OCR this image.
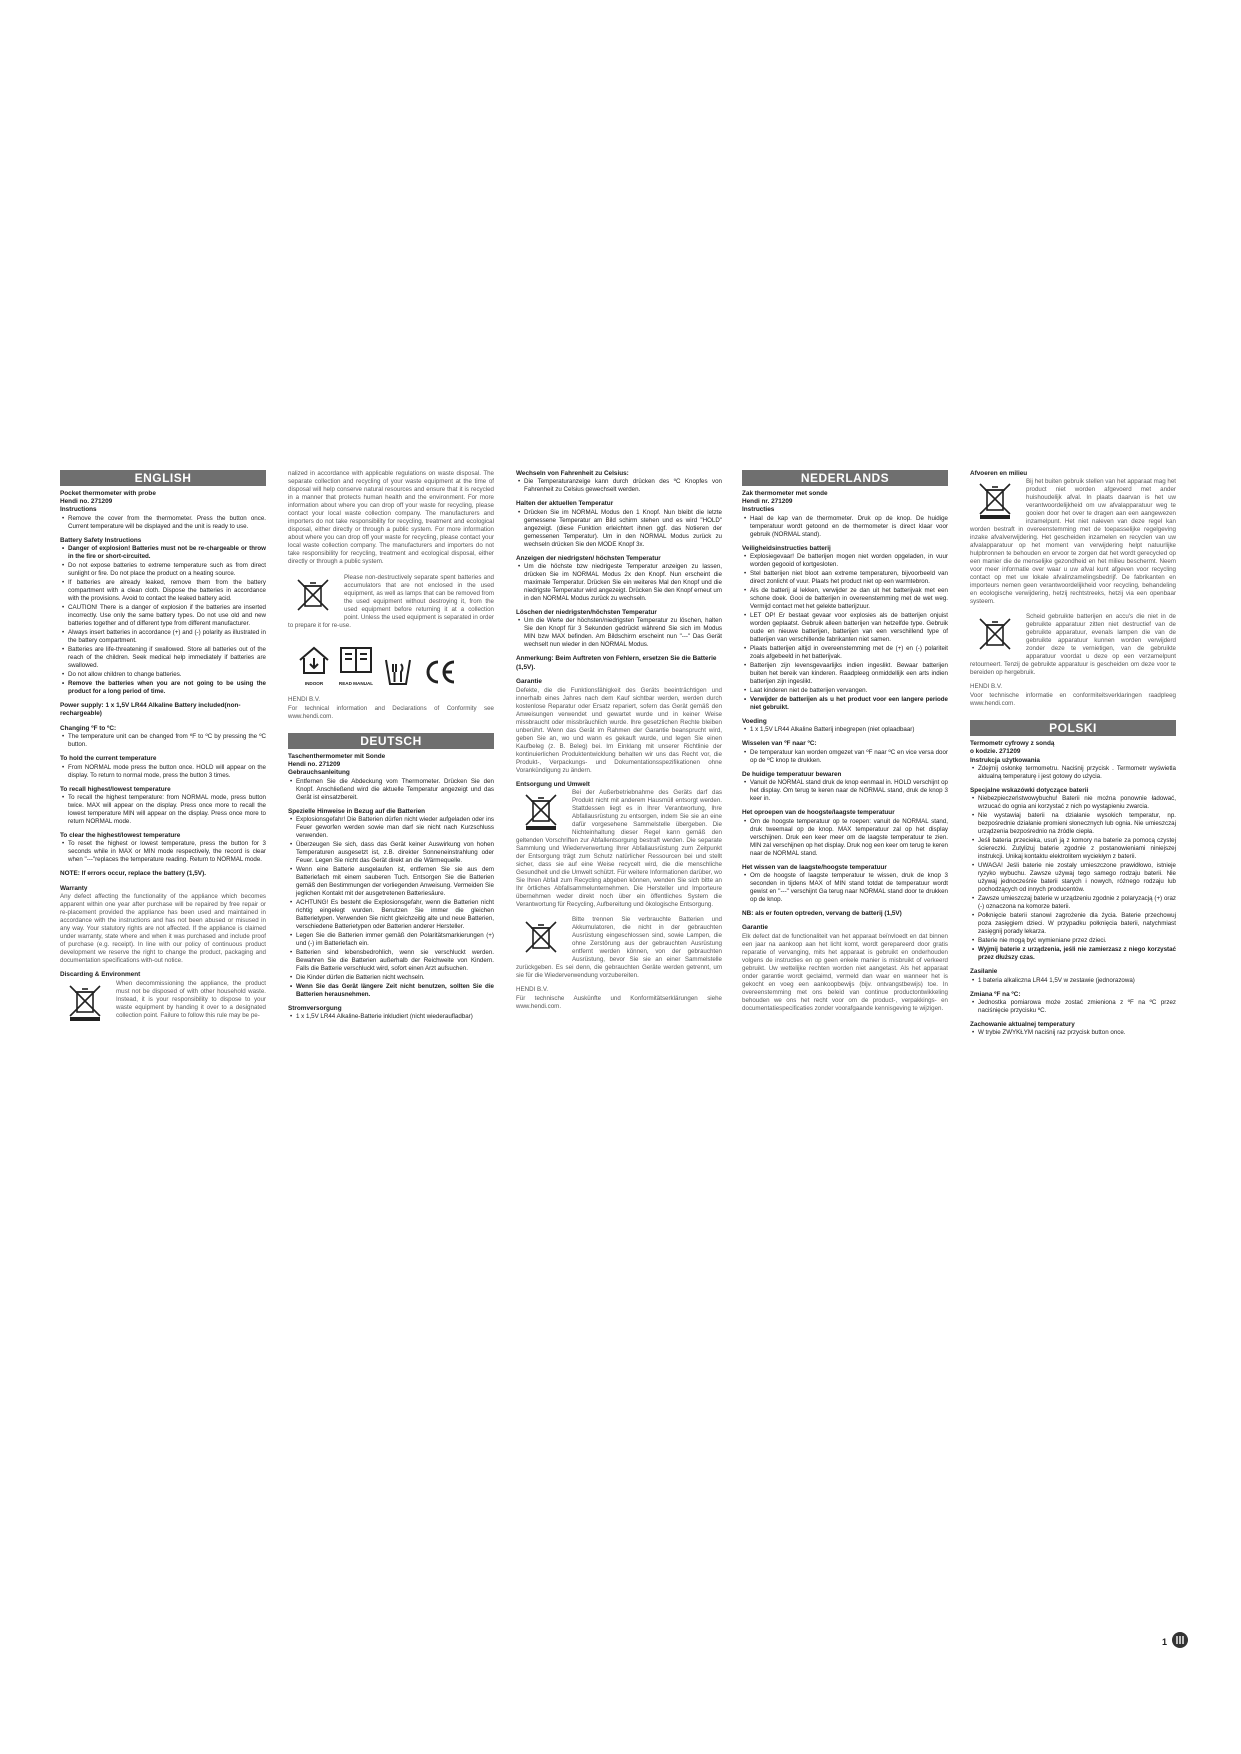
ENGLISH
Pocket thermometer with probe
Hendi no. 271209
Instructions
• Remove the cover from the thermometer. Press the button once. Current temperature will be displayed and the unit is ready to use.
Battery Safety Instructions
• Danger of explosion! Batteries must not be re-chargeable or throw in the fire or short-circuited.
• Do not expose batteries to extreme temperature such as from direct sunlight or fire. Do not place the product on a heating source.
• If batteries are already leaked, remove them from the battery compartment with a clean cloth. Dispose the batteries in accordance with the provisions. Avoid to contact the leaked battery acid.
• CAUTION! There is a danger of explosion if the batteries are inserted incorrectly. Use only the same battery types. Do not use old and new batteries together and of different type from different manufacturer.
• Always insert batteries in accordance (+) and (-) polarity as illustrated in the battery compartment.
• Batteries are life-threatening if swallowed. Store all batteries out of the reach of the children. Seek medical help immediately if batteries are swallowed.
• Do not allow children to change batteries.
• Remove the batteries when you are not going to be using the product for a long period of time.
Power supply: 1 x 1,5V LR44 Alkaline Battery included(non-rechargeable)
Changing ºF to ºC:
• The temperature unit can be changed from ºF to ºC by pressing the ºC button.
To hold the current temperature
• From NORMAL mode press the button once. HOLD will appear on the display. To return to normal mode, press the button 3 times.
To recall highest/lowest temperature
• To recall the highest temperature: from NORMAL mode, press button twice. MAX will appear on the display. Press once more to recall the lowest temperature MIN will appear on the display. Press once more to return NORMAL mode.
To clear the highest/lowest temperature
• To reset the highest or lowest temperature, press the button for 3 seconds while in MAX or MIN mode respectively, the record is clear when "---"replaces the temperature reading. Return to NORMAL mode.
NOTE: If errors occur, replace the battery (1,5V).
Warranty

Any defect affecting the functionality of the appliance which becomes apparent within one year after purchase will be repaired by free repair or re-placement provided the appliance has been used and maintained in accordance with the instructions and has not been abused or misused in any way. Your statutory rights are not affected. If the appliance is claimed under warranty, state where and when it was purchased and include proof of purchase (e.g. receipt). In line with our policy of continuous product development we reserve the right to change the product, packaging and documentation specifications with-out notice.

Discarding & Environment

When decommissioning the appliance, the product must not be disposed of with other household waste. Instead, it is your responsibility to dispose to your waste equipment by handing it over to a designated collection point. Failure to follow this rule may be pe-

nalized in accordance with applicable regulations on waste disposal. The separate collection and recycling of your waste equipment at the time of disposal will help conserve natural resources and ensure that it is recycled in a manner that protects human health and the environment. For more information about where you can drop off your waste for recycling, please contact your local waste collection company. The manufacturers and importers do not take responsibility for recycling, treatment and ecological disposal, either directly or through a public system. For more information about where you can drop off your waste for recycling, please contact your local waste collection company. The manufacturers and importers do not take responsibility for recycling, treatment and ecological disposal, either directly or through a public system.

Please non-destructively separate spent batteries and accumulators that are not enclosed in the used equipment, as well as lamps that can be removed from the used equipment without destroying it, from the used equipment before returning it at a collection point. Unless the used equipment is separated in order to prepare it for re-use.

INDOOR	READ MANUAL

HENDI B.V.

For technical information and Declarations of Conformity see www.hendi.com.

DEUTSCH
Taschenthermometer mit Sonde
Hendi no. 271209
Gebrauchsanleitung
• Entfernen Sie die Abdeckung vom Thermometer. Drücken Sie den Knopf. Anschließend wird die aktuelle Temperatur angezeigt und das Gerät ist einsatzbereit.
Spezielle Hinweise in Bezug auf die Batterien
• Explosionsgefahr! Die Batterien dürfen nicht wieder aufgeladen oder ins Feuer geworfen werden sowie man darf sie nicht nach Kurzschluss verwenden.
• Überzeugen Sie sich, dass das Gerät keiner Auswirkung von hohen Temperaturen ausgesetzt ist, z.B. direkter Sonneneinstrahlung oder Feuer. Legen Sie nicht das Gerät direkt an die Wärmequelle.
• Wenn eine Batterie ausgelaufen ist, entfernen Sie sie aus dem Batteriefach mit einem sauberen Tuch. Entsorgen Sie die Batterien gemäß den Bestimmungen der vorliegenden Anweisung. Vermeiden Sie jeglichen Kontakt mit der ausgetretenen Batteriesäure.
• ACHTUNG! Es besteht die Explosionsgefahr, wenn die Batterien nicht richtig eingelegt wurden. Benutzen Sie immer die gleichen Batterietypen. Verwenden Sie nicht gleichzeitig alte und neue Batterien, verschiedene Batterietypen oder Batterien anderer Hersteller.
• Legen Sie die Batterien immer gemäß den Polaritätsmarkierungen (+) und (-) im Batteriefach ein.
• Batterien sind lebensbedrohlich, wenn sie verschluckt werden. Bewahren Sie die Batterien außerhalb der Reichweite von Kindern. Falls die Batterie verschluckt wird, sofort einen Arzt aufsuchen.
• Die Kinder dürfen die Batterien nicht wechseln.
• Wenn Sie das Gerät längere Zeit nicht benutzen, sollten Sie die Batterien herausnehmen.
Stromversorgung
• 1 x 1,5V LR44 Alkaline-Batterie inkludiert (nicht wiederaufladbar)
Wechseln von Fahrenheit zu Celsius:
• Die Temperaturanzeige kann durch drücken des ºC Knopfes von Fahrenheit zu Celsius gewechselt werden.
Halten der aktuellen Temperatur
• Drücken Sie im NORMAL Modus den 1 Knopf. Nun bleibt die letzte gemessene Temperatur am Bild schirm stehen und es wird "HOLD" angezeigt. (diese Funktion erleichtert ihnen ggf. das Notieren der gemessenen Temperatur). Um in den NORMAL Modus zurück zu wechseln drücken Sie den MODE Knopf 3x.
Anzeigen der niedrigsten/ höchsten Temperatur
• Um die höchste bzw niedrigeste Temperatur anzeigen zu lassen, drücken Sie im NORMAL Modus 2x den Knopf. Nun erscheint die maximale Temperatur. Drücken Sie ein weiteres Mal den Knopf und die niedrigste Temperatur wird angezeigt. Drücken Sie den Knopf erneut um in den NORMAL Modus zurück zu wechseln.
Löschen der niedrigsten/höchsten Temperatur
• Um die Werte der höchsten/niedrigsten Temperatur zu löschen, halten Sie den Knopf für 3 Sekunden gedrückt während Sie sich im Modus MIN bzw MAX befinden. Am Bildschirm erscheint nun "---" Das Gerät wechselt nun wieder in den NORMAL Modus.
Anmerkung: Beim Auftreten von Fehlern, ersetzen Sie die Batterie (1,5V).
Garantie

Defekte, die die Funktionsfähigkeit des Geräts beeinträchtigen und innerhalb eines Jahres nach dem Kauf sichtbar werden, werden durch kostenlose Reparatur oder Ersatz repariert, sofern das Gerät gemäß den Anweisungen verwendet und gewartet wurde und in keiner Weise missbraucht oder missbräuchlich wurde. Ihre gesetzlichen Rechte bleiben unberührt. Wenn das Gerät im Rahmen der Garantie beansprucht wird, geben Sie an, wo und wann es gekauft wurde, und legen Sie einen Kaufbeleg (z. B. Beleg) bei. Im Einklang mit unserer Richtlinie der kontinuierlichen Produktentwicklung behalten wir uns das Recht vor, die Produkt-, Verpackungs- und Dokumentationsspezifikationen ohne Vorankündigung zu ändern.

Entsorgung und Umwelt

Bei der Außerbetriebnahme des Geräts darf das Produkt nicht mit anderem Hausmüll entsorgt werden. Stattdessen liegt es in Ihrer Verantwortung, Ihre Abfallausrüstung zu entsorgen, indem Sie sie an eine dafür vorgesehene Sammelstelle übergeben. Die Nichteinhaltung dieser Regel kann gemäß den geltenden Vorschriften zur Abfallentsorgung bestraft werden. Die separate Sammlung und Wiederverwertung Ihrer Abfallausrüstung zum Zeitpunkt der Entsorgung trägt zum Schutz natürlicher Ressourcen bei und stellt sicher, dass sie auf eine Weise recycelt wird, die die menschliche Gesundheit und die Umwelt schützt. Für weitere Informationen darüber, wo Sie Ihren Abfall zum Recycling abgeben können, wenden Sie sich bitte an Ihr örtliches Abfallsammelunternehmen. Die Hersteller und Importeure übernehmen weder direkt noch über ein öffentliches System die Verantwortung für Recycling, Aufbereitung und ökologische Entsorgung.

Bitte trennen Sie verbrauchte Batterien und Akkumulatoren, die nicht in der gebrauchten Ausrüstung eingeschlossen sind, sowie Lampen, die ohne Zerstörung aus der gebrauchten Ausrüstung entfernt werden können, von der gebrauchten Ausrüstung, bevor Sie sie an einer Sammelstelle zurückgeben. Es sei denn, die gebrauchten Geräte werden getrennt, um sie für die Wiederverwendung vorzubereiten.

HENDI B.V.

Für technische Auskünfte und Konformitätserklärungen siehe www.hendi.com.

NEDERLANDS
Zak thermometer met sonde
Hendi nr. 271209
Instructies
• Haal de kap van de thermometer. Druk op de knop. De huidige temperatuur wordt getoond en de thermometer is direct klaar voor gebruik (NORMAL stand).
Veiligheidsinstructies batterij
• Explosiegevaar! De batterijen mogen niet worden opgeladen, in vuur worden gegooid of kortgesloten.
• Stel batterijen niet bloot aan extreme temperaturen, bijvoorbeeld van direct zonlicht of vuur. Plaats het product niet op een warmtebron.
• Als de batterij al lekken, verwijder ze dan uit het batterijvak met een schone doek. Gooi de batterijen in overeenstemming met de wet weg. Vermijd contact met het gelekte batterijzuur.
• LET OP! Er bestaat gevaar voor explosies als de batterijen onjuist worden geplaatst. Gebruik alleen batterijen van hetzelfde type. Gebruik oude en nieuwe batterijen, batterijen van een verschillend type of batterijen van verschillende fabrikanten niet samen.
• Plaats batterijen altijd in overeenstemming met de (+) en (-) polariteit zoals afgebeeld in het batterijvak.
• Batterijen zijn levensgevaarlijks indien ingeslikt. Bewaar batterijen buiten het bereik van kinderen. Raadpleeg onmiddellijk een arts indien batterijen zijn ingeslikt.
• Laat kinderen niet de batterijen vervangen.
• Verwijder de batterijen als u het product voor een langere periode niet gebruikt.
Voeding
• 1 x 1,5V LR44 Alkaline Batterij inbegrepen (niet oplaadbaar)
Wisselen van ºF naar ºC:
• De temperatuur kan worden omgezet van ºF naar ºC en vice versa door op de ºC knop te drukken.
De huidige temperatuur bewaren
• Vanuit de NORMAL stand druk de knop eenmaal in. HOLD verschijnt op het display. Om terug te keren naar de NORMAL stand, druk de knop 3 keer in.
Het oproepen van de hoogste/laagste temperatuur
• Om de hoogste temperatuur op te roepen: vanuit de NORMAL stand, druk tweemaal op de knop. MAX temperatuur zal op het display verschijnen. Druk een keer meer om de laagste temperatuur te zien. MIN zal verschijnen op het display. Druk nog een keer om terug te keren naar de NORMAL stand.
Het wissen van de laagste/hoogste temperatuur
• Om de hoogste of laagste temperatuur te wissen, druk de knop 3 seconden in tijdens MAX of MIN stand totdat de temperatuur wordt gewist en "---" verschijnt Ga terug naar NORMAL stand door te drukken op de knop.
NB: als er fouten optreden, vervang de batterij (1,5V)
Garantie

Elk defect dat de functionaliteit van het apparaat beïnvloedt en dat binnen een jaar na aankoop aan het licht komt, wordt gerepareerd door gratis reparatie of vervanging, mits het apparaat is gebruikt en onderhouden volgens de instructies en op geen enkele manier is misbruikt of verkeerd gebruikt. Uw wettelijke rechten worden niet aangetast. Als het apparaat onder garantie wordt geclaimd, vermeld dan waar en wanneer het is gekocht en voeg een aankoopbewijs (bijv. ontvangstbewijs) toe. In overeenstemming met ons beleid van continue productontwikkeling behouden we ons het recht voor om de product-, verpakkings- en documentatiespecificaties zonder voorafgaande kennisgeving te wijzigen.

Afvoeren en milieu

Bij het buiten gebruik stellen van het apparaat mag het product niet worden afgevoerd met ander huishoudelijk afval. In plaats daarvan is het uw verantwoordelijkheid om uw afvalapparatuur weg te gooien door het over te dragen aan een aangewezen inzamelpunt. Het niet naleven van deze regel kan worden bestraft in overeenstemming met de toepasselijke regelgeving inzake afvalverwijdering. Het gescheiden inzamelen en recyclen van uw afvalapparatuur op het moment van verwijdering helpt natuurlijke hulpbronnen te behouden en ervoor te zorgen dat het wordt gerecycled op een manier die de menselijke gezondheid en het milieu beschermt. Neem voor meer informatie over waar u uw afval kunt afgeven voor recycling contact op met uw lokale afvalinzamelingsbedrijf. De fabrikanten en importeurs nemen geen verantwoordelijkheid voor recycling, behandeling en ecologische verwijdering, hetzij rechtstreeks, hetzij via een openbaar systeem.

Scheid gebruikte batterijen en accu's die niet in de gebruikte apparatuur zitten niet destructief van de gebruikte apparatuur, evenals lampen die van de gebruikte apparatuur kunnen worden verwijderd zonder deze te vernietigen, van de gebruikte apparatuur voordat u deze op een verzamelpunt retourneert. Tenzij de gebruikte apparatuur is gescheiden om deze voor te bereiden op hergebruik.

HENDI B.V.

Voor technische informatie en conformiteitsverklaringen raadpleeg www.hendi.com.

POLSKI
Termometr cyfrowy z sondą
o kodzie. 271209
Instrukcja użytkowania
• Zdejmij osłonkę termometru. Naciśnij przycisk . Termometr wyświetla aktualną temperaturę i jest gotowy do użycia.
Specjalne wskazówki dotyczące baterii
• Niebezpieczeństwowybuchu! Baterii nie można ponownie ładować, wrzucać do ognia ani korzystać z nich po wystąpieniu zwarcia.
• Nie wystawiaj baterii na działanie wysokich temperatur, np. bezpośrednie działanie promieni słonecznych lub ognia. Nie umieszczaj urządzenia bezpośrednio na źródle ciepła.
• Jeśli bateria przecieka, usuń ją z komory na baterie za pomocą czystej ściereczki. Zutylizuj baterie zgodnie z postanowieniami niniejszej instrukcji. Unikaj kontaktu elektrolitem wyciekłym z baterii.
• UWAGA! Jeśli baterie nie zostały umieszczone prawidłowo, istnieje ryzyko wybuchu. Zawsze używaj tego samego rodzaju baterii. Nie używaj jednocześnie baterii starych i nowych, różnego rodzaju lub pochodzących od innych producentów.
• Zawsze umieszczaj baterie w urządzeniu zgodnie z polaryzacją (+) oraz (-) oznaczona na komorze baterii.
• Połknięcie baterii stanowi zagrożenie dla życia. Baterie przechowuj poza zasięgiem dzieci. W przypadku połknięcia baterii, natychmiast zasięgnij porady lekarza.
• Baterie nie mogą być wymieniane przez dzieci.
• Wyjmij baterie z urządzenia, jeśli nie zamierzasz z niego korzystać przez dłuższy czas.
Zasilanie
• 1 bateria alkaliczna LR44 1,5V w zestawie (jednorazowa)
Zmiana ºF na ºC:
• Jednostka pomiarowa może zostać zmieniona z ºF na ºC przez naciśnięcie przycisku ºC.
Zachowanie aktualnej temperatury
• W trybie ZWYKŁYM naciśnij raz przycisk button once.
1
